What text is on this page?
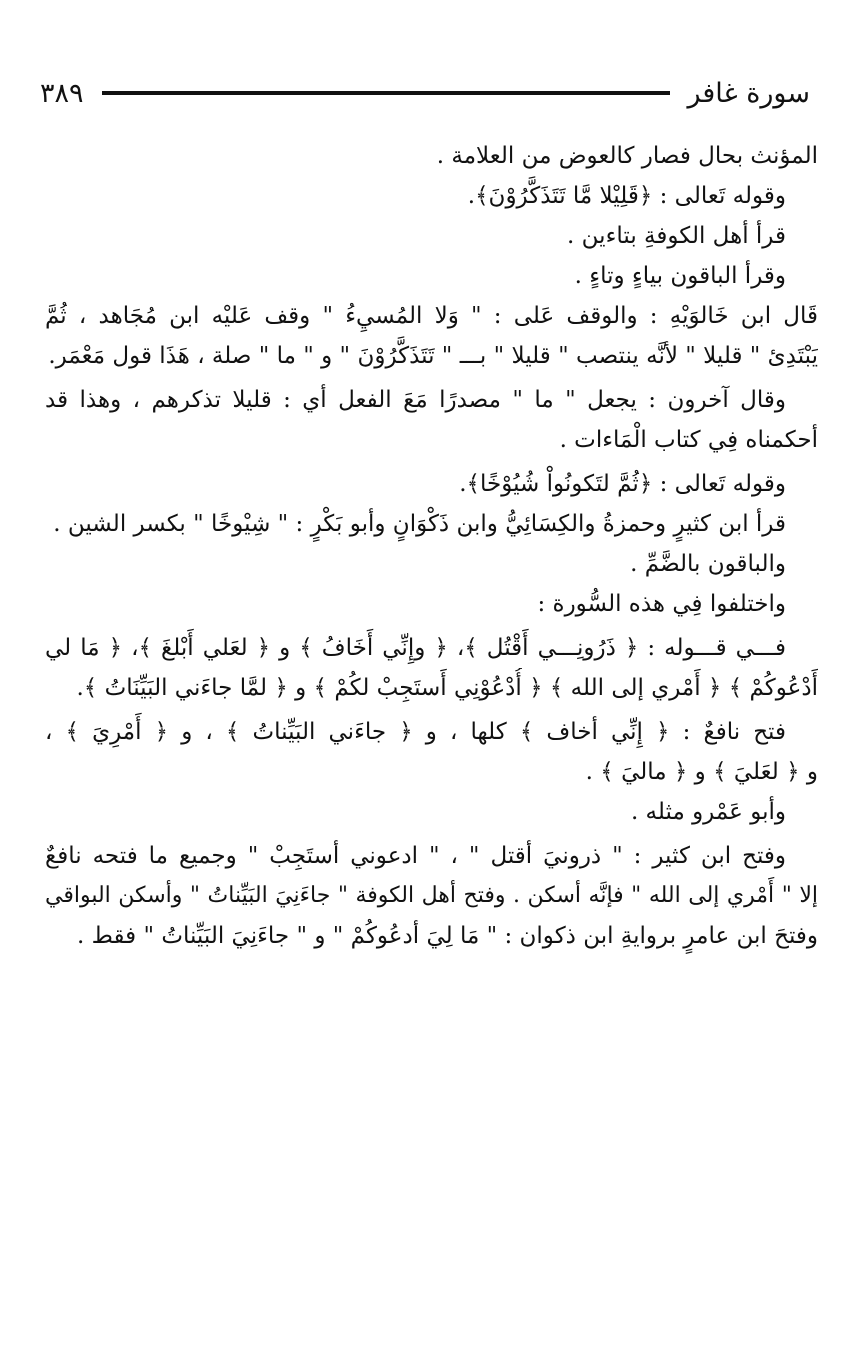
سورة غافر
٣٨٩
المؤنث بحال فصار كالعوض من العلامة .
وقوله تَعالى : ﴿قَلِيْلا مَّا تَتَذَكَّرُوْنَ﴾.
قرأ أهل الكوفةِ بتاءين .
وقرأ الباقون بياءٍ وتاءٍ .
قَال ابن خَالوَيْهِ : والوقف عَلى : " وَلا المُسيِءُ " وقف عَليْه ابن مُجَاهد ، ثُمَّ
يَبْتَدِئ " قليلا " لأنَّه ينتصب " قليلا " بـــ " تَتَذَكَّرُوْنَ " و " ما " صلة ، هَذَا قول مَعْمَر.
وقال آخرون : يجعل " ما " مصدرًا مَعَ الفعل أي : قليلا تذكرهم ، وهذا قد
أحكمناه فِي كتاب الْمَاءات .
وقوله تَعالى : ﴿ثُمَّ لتَكونُواْ شُيُوْخًا﴾.
قرأ ابن كثيرٍ وحمزةُ والكِسَائِيُّ وابن ذَكْوَانٍ وأبو بَكْرٍ : " شِيْوخًا " بكسر الشين .
والباقون بالضَّمِّ .
واختلفوا فِي هذه السُّورة :
فـــي قـــوله : ﴿ ذَرُونِـــي أَقْتُل ﴾، ﴿ وإِنِّي أَخَافُ ﴾ و ﴿ لعَلي أَبْلغَ ﴾، ﴿ مَا لي
أَدْعُوكُمْ ﴾ ﴿ أَمْري إلى الله ﴾ ﴿ أُدْعُوْنِي أَستَجِبْ لكُمْ ﴾ و ﴿ لمَّا جاءَني البَيِّنَاتُ ﴾.
فتح نافعٌ : ﴿ إِنِّي أخاف ﴾ كلها ، و ﴿ جاءَني البَيِّناتُ ﴾ ، و ﴿ أَمْرِيَ ﴾ ،
و ﴿ لعَليَ ﴾ و ﴿ ماليَ ﴾ .
وأبو عَمْرو مثله .
وفتح ابن كثير : " ذرونيَ أقتل " ، " ادعوني أستَجِبْ " وجميع ما فتحه نافعٌ
إلا " أَمْري إلى الله " فإنَّه أسكن . وفتح أهل الكوفة " جاءَنِيَ البَيِّناتُ " وأسكن البواقي
وفتحَ ابن عامرٍ بروايةِ ابن ذكوان : " مَا لِيَ أدعُوكُمْ " و " جاءَنِيَ البَيِّناتُ " فقط .
